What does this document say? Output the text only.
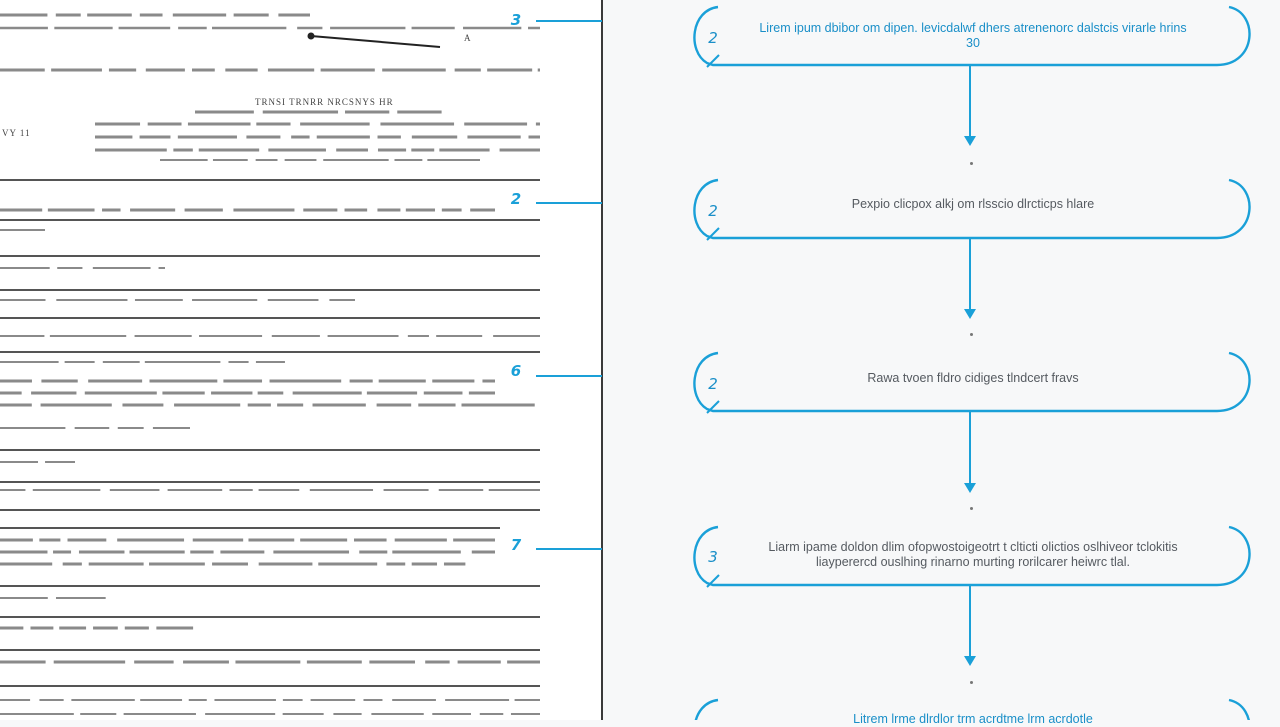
A
TRNSI TRNRR NRCSNYS HR
VY 11
3
2
6
7
2
Lirem ipum dbibor om dipen. levicdalwf dhers atrenenorc dalstcis virarle hrins
30
2	Pexpio clicpox alkj om rlsscio dlrcticps hlare
2	Rawa tvoen fldro cidiges tlndcert fravs
3
Liarm ipame doldon dlim ofopwostoigeotrt t clticti olictios oslhiveor tclokitis
liayperercd ouslhing rinarno murting rorilcarer heiwrc tlal.
Litrem lrme dlrdlor trm acrdtme lrm acrdotle
